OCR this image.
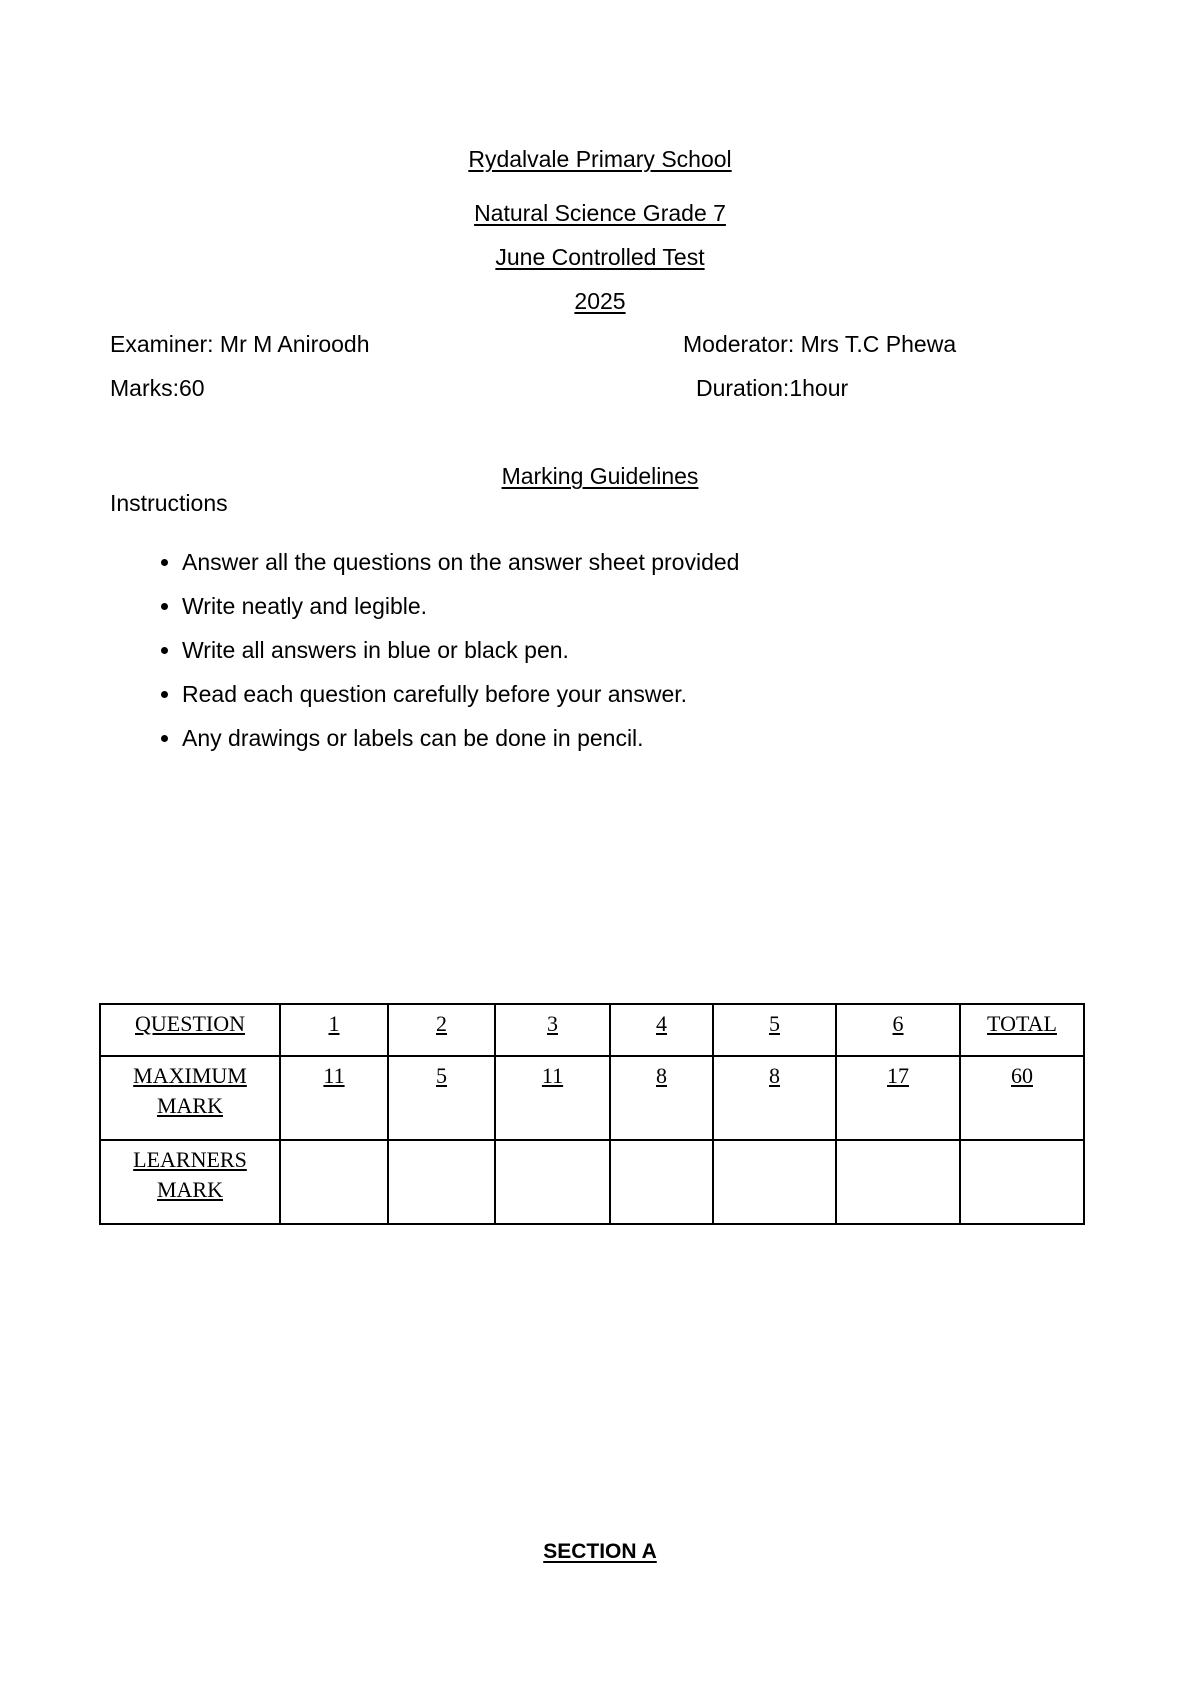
Rydalvale Primary School
Natural Science Grade 7
June Controlled Test
2025
Examiner: Mr M Aniroodh	Moderator: Mrs T.C Phewa
Marks:60	Duration:1hour
Marking Guidelines
Instructions
• Answer all the questions on the answer sheet provided
• Write neatly and legible.
• Write all answers in blue or black pen.
• Read each question carefully before your answer.
• Any drawings or labels can be done in pencil.
QUESTION	1	2	3	4	5	6	TOTAL
MAXIMUM MARK	11	5	11	8	8	17	60
LEARNERS MARK							
SECTION A
